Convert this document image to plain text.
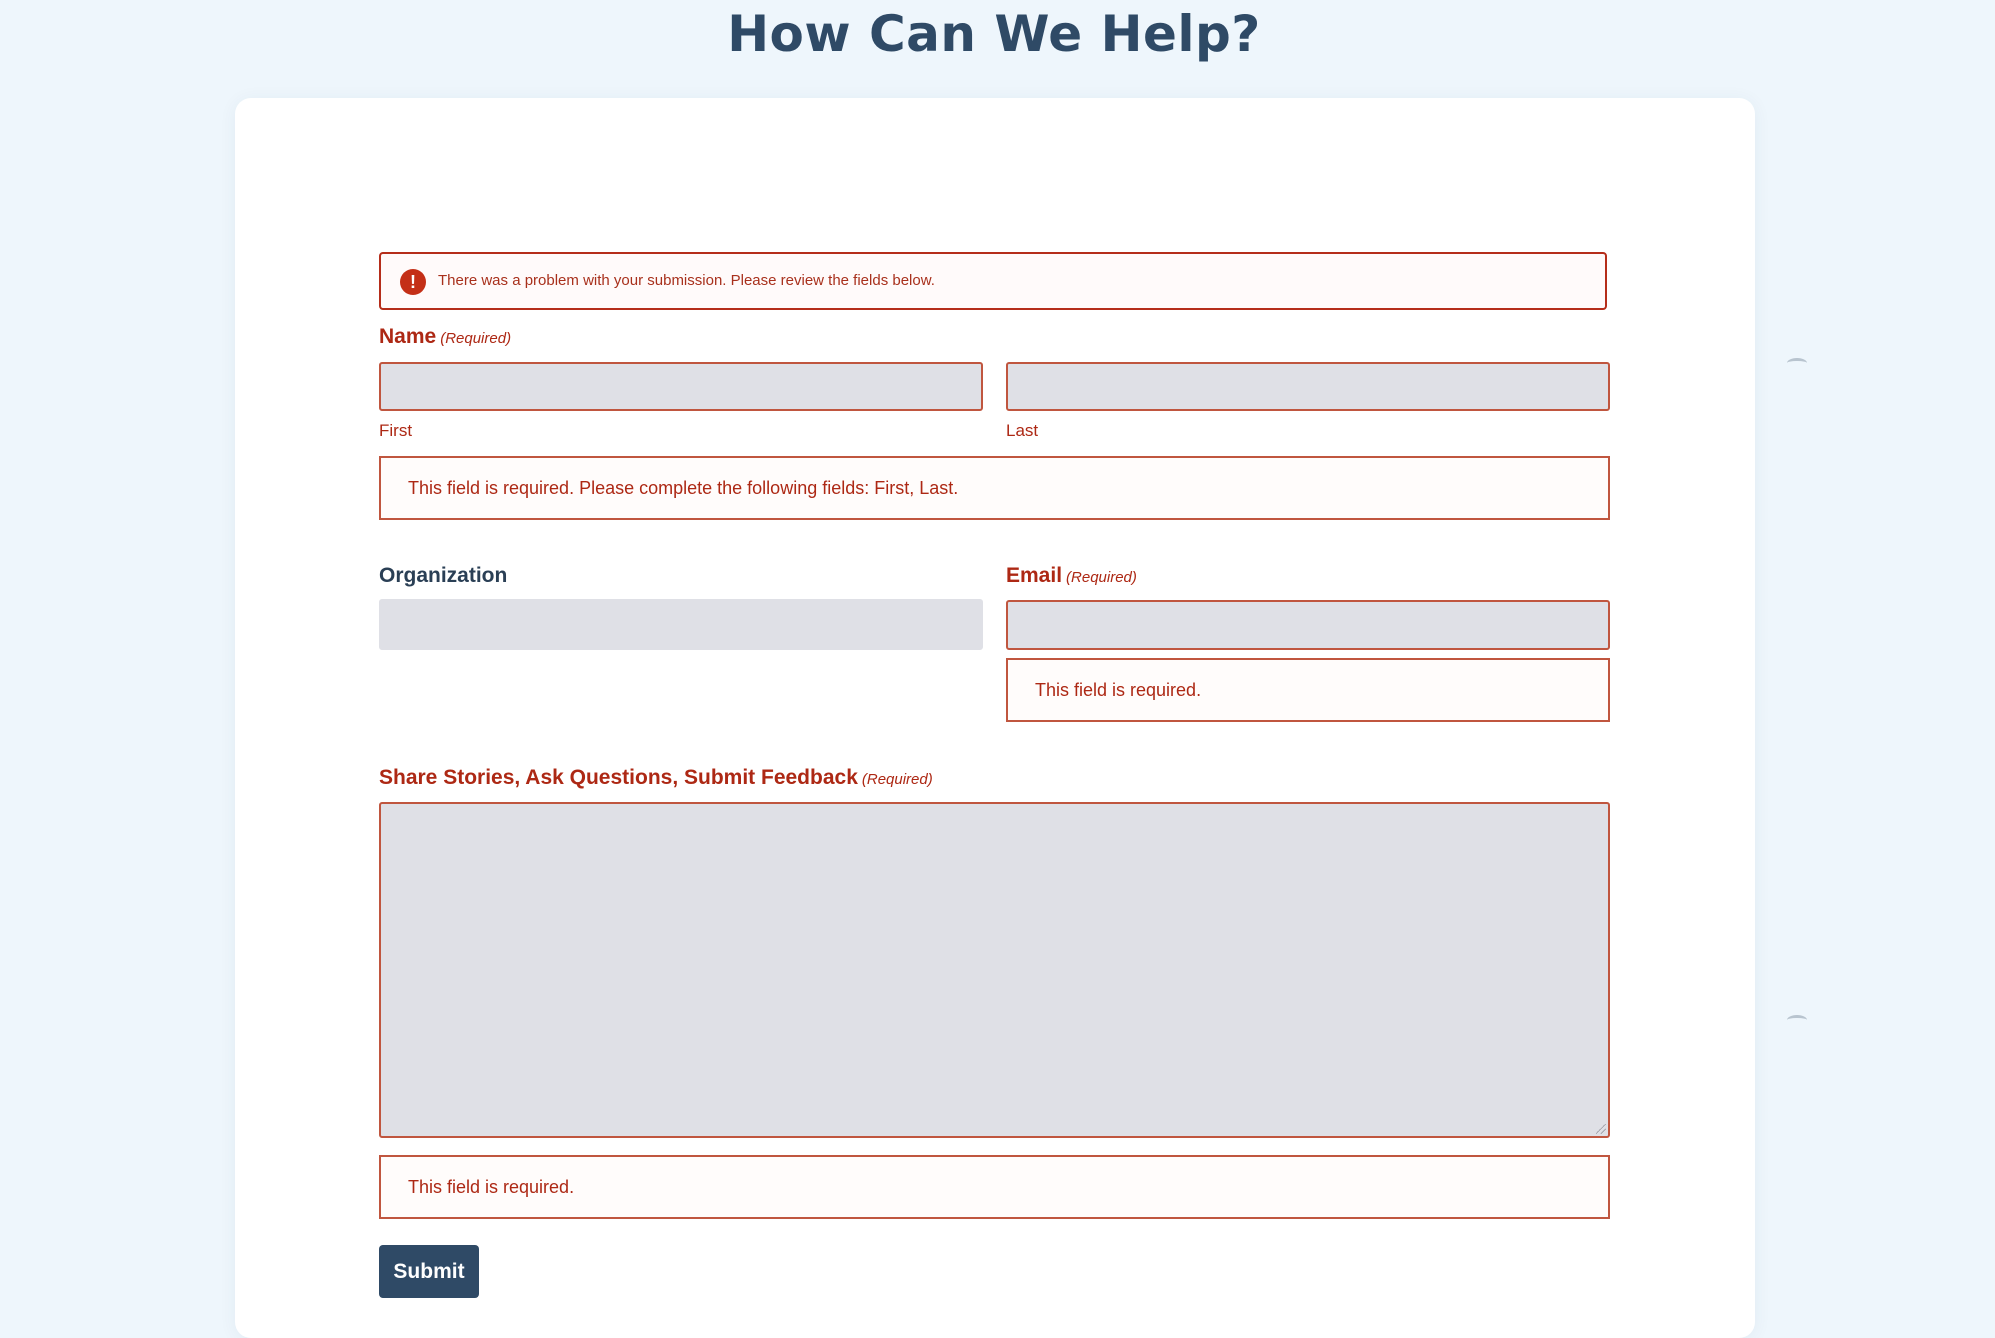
How Can We Help?
!	There was a problem with your submission. Please review the fields below.
Name (Required)
First	Last
This field is required. Please complete the following fields: First, Last.
Organization	Email (Required)
This field is required.
Share Stories, Ask Questions, Submit Feedback (Required)
This field is required.
Submit
